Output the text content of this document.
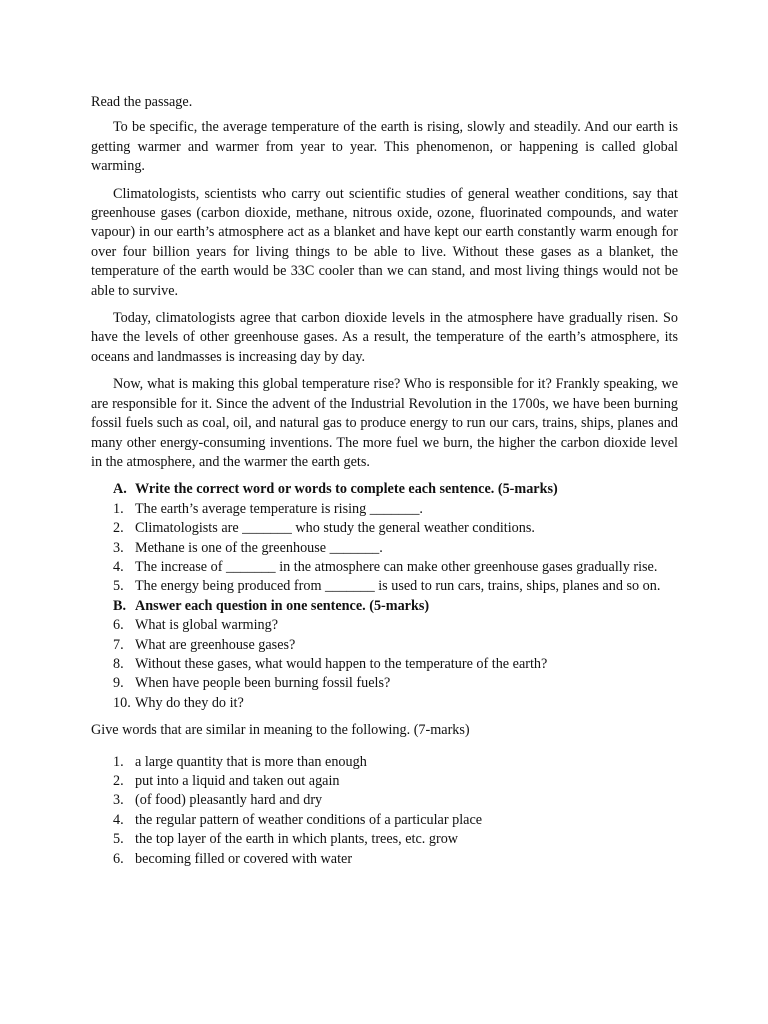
Read the passage.

To be specific, the average temperature of the earth is rising, slowly and steadily. And our earth is getting warmer and warmer from year to year. This phenomenon, or happening is called global warming.

Climatologists, scientists who carry out scientific studies of general weather conditions, say that greenhouse gases (carbon dioxide, methane, nitrous oxide, ozone, fluorinated compounds, and water vapour) in our earth’s atmosphere act as a blanket and have kept our earth constantly warm enough for over four billion years for living things to be able to live. Without these gases as a blanket, the temperature of the earth would be 33C cooler than we can stand, and most living things would not be able to survive.

Today, climatologists agree that carbon dioxide levels in the atmosphere have gradually risen. So have the levels of other greenhouse gases. As a result, the temperature of the earth’s atmosphere, its oceans and landmasses is increasing day by day.

Now, what is making this global temperature rise? Who is responsible for it? Frankly speaking, we are responsible for it. Since the advent of the Industrial Revolution in the 1700s, we have been burning fossil fuels such as coal, oil, and natural gas to produce energy to run our cars, trains, ships, planes and many other energy-consuming inventions. The more fuel we burn, the higher the carbon dioxide level in the atmosphere, and the warmer the earth gets.

A. Write the correct word or words to complete each sentence. (5-marks)
1. The earth’s average temperature is rising _______.
2. Climatologists are _______ who study the general weather conditions.
3. Methane is one of the greenhouse _______.
4. The increase of _______ in the atmosphere can make other greenhouse gases gradually rise.
5. The energy being produced from _______ is used to run cars, trains, ships, planes and so on.
B. Answer each question in one sentence. (5-marks)
6. What is global warming?
7. What are greenhouse gases?
8. Without these gases, what would happen to the temperature of the earth?
9. When have people been burning fossil fuels?
10. Why do they do it?

Give words that are similar in meaning to the following. (7-marks)

1. a large quantity that is more than enough
2. put into a liquid and taken out again
3. (of food) pleasantly hard and dry
4. the regular pattern of weather conditions of a particular place
5. the top layer of the earth in which plants, trees, etc. grow
6. becoming filled or covered with water
